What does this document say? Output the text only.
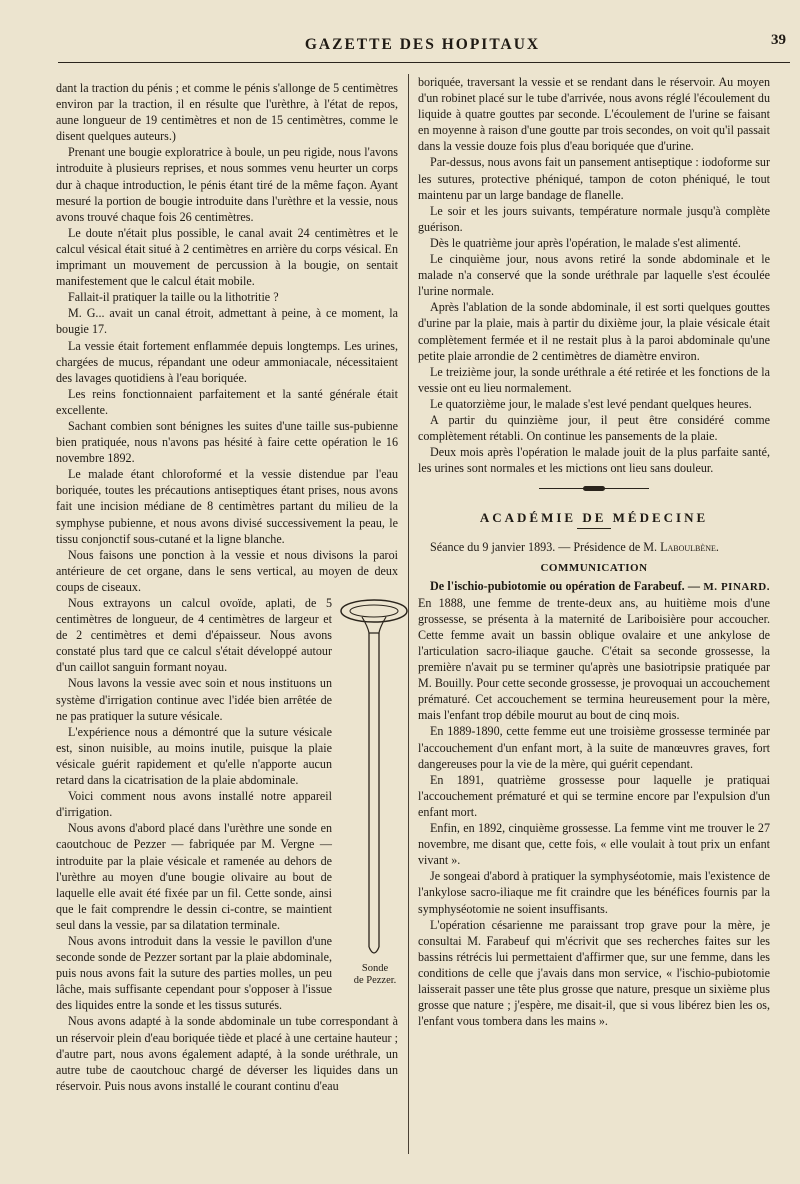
GAZETTE DES HOPITAUX	39

dant la traction du pénis ; et comme le pénis s'allonge de 5 centimètres environ par la traction, il en résulte que l'urèthre, à l'état de repos, aune longueur de 19 centimètres et non de 15 centimètres, comme le disent quelques auteurs.)

Prenant une bougie exploratrice à boule, un peu rigide, nous l'avons introduite à plusieurs reprises, et nous sommes venu heurter un corps dur à chaque introduction, le pénis étant tiré de la même façon. Ayant mesuré la portion de bougie introduite dans l'urèthre et la vessie, nous avons trouvé chaque fois 26 centimètres.

Le doute n'était plus possible, le canal avait 24 centimètres et le calcul vésical était situé à 2 centimètres en arrière du corps vésical. En imprimant un mouvement de percussion à la bougie, on sentait manifestement que le calcul était mobile.

Fallait-il pratiquer la taille ou la lithotritie ?

M. G... avait un canal étroit, admettant à peine, à ce moment, la bougie 17.

La vessie était fortement enflammée depuis longtemps. Les urines, chargées de mucus, répandant une odeur ammoniacale, nécessitaient des lavages quotidiens à l'eau boriquée.

Les reins fonctionnaient parfaitement et la santé générale était excellente.

Sachant combien sont bénignes les suites d'une taille sus-pubienne bien pratiquée, nous n'avons pas hésité à faire cette opération le 16 novembre 1892.

Le malade étant chloroformé et la vessie distendue par l'eau boriquée, toutes les précautions antiseptiques étant prises, nous avons fait une incision médiane de 8 centimètres partant du milieu de la symphyse pubienne, et nous avons divisé successivement la peau, le tissu conjonctif sous-cutané et la ligne blanche.

Nous faisons une ponction à la vessie et nous divisons la paroi antérieure de cet organe, dans le sens vertical, au moyen de deux coups de ciseaux.

Sonde
de Pezzer.

Nous extrayons un calcul ovoïde, aplati, de 5 centimètres de longueur, de 4 centimètres de largeur et de 2 centimètres et demi d'épaisseur. Nous avons constaté plus tard que ce calcul s'était développé autour d'un caillot sanguin formant noyau.

Nous lavons la vessie avec soin et nous instituons un système d'irrigation continue avec l'idée bien arrêtée de ne pas pratiquer la suture vésicale.

L'expérience nous a démontré que la suture vésicale est, sinon nuisible, au moins inutile, puisque la plaie vésicale guérit rapidement et qu'elle n'apporte aucun retard dans la cicatrisation de la plaie abdominale.

Voici comment nous avons installé notre appareil d'irrigation.

Nous avons d'abord placé dans l'urèthre une sonde en caoutchouc de Pezzer — fabriquée par M. Vergne — introduite par la plaie vésicale et ramenée au dehors de l'urèthre au moyen d'une bougie olivaire au bout de laquelle elle avait été fixée par un fil. Cette sonde, ainsi que le fait comprendre le dessin ci-contre, se maintient seul dans la vessie, par sa dilatation terminale.

Nous avons introduit dans la vessie le pavillon d'une seconde sonde de Pezzer sortant par la plaie abdominale, puis nous avons fait la suture des parties molles, un peu lâche, mais suffisante cependant pour s'opposer à l'issue des liquides entre la sonde et les tissus suturés.

Nous avons adapté à la sonde abdominale un tube correspondant à un réservoir plein d'eau boriquée tiède et placé à une certaine hauteur ; d'autre part, nous avons également adapté, à la sonde uréthrale, un autre tube de caoutchouc chargé de déverser les liquides dans un réservoir. Puis nous avons installé le courant continu d'eau

boriquée, traversant la vessie et se rendant dans le réservoir. Au moyen d'un robinet placé sur le tube d'arrivée, nous avons réglé l'écoulement du liquide à quatre gouttes par seconde. L'écoulement de l'urine se faisant en moyenne à raison d'une goutte par trois secondes, on voit qu'il passait dans la vessie douze fois plus d'eau boriquée que d'urine.

Par-dessus, nous avons fait un pansement antiseptique : iodoforme sur les sutures, protective phéniqué, tampon de coton phéniqué, le tout maintenu par un large bandage de flanelle.

Le soir et les jours suivants, température normale jusqu'à complète guérison.

Dès le quatrième jour après l'opération, le malade s'est alimenté.

Le cinquième jour, nous avons retiré la sonde abdominale et le malade n'a conservé que la sonde uréthrale par laquelle s'est écoulée l'urine normale.

Après l'ablation de la sonde abdominale, il est sorti quelques gouttes d'urine par la plaie, mais à partir du dixième jour, la plaie vésicale était complètement fermée et il ne restait plus à la paroi abdominale qu'une petite plaie arrondie de 2 centimètres de diamètre environ.

Le treizième jour, la sonde uréthrale a été retirée et les fonctions de la vessie ont eu lieu normalement.

Le quatorzième jour, le malade s'est levé pendant quelques heures.

A partir du quinzième jour, il peut être considéré comme complètement rétabli. On continue les pansements de la plaie.

Deux mois après l'opération le malade jouit de la plus parfaite santé, les urines sont normales et les mictions ont lieu sans douleur.

ACADÉMIE DE MÉDECINE

Séance du 9 janvier 1893. — Présidence de M. Laboulbène.

COMMUNICATION

De l'ischio-pubiotomie ou opération de Farabeuf. — M. PINARD. En 1888, une femme de trente-deux ans, au huitième mois d'une grossesse, se présenta à la maternité de Lariboisière pour accoucher. Cette femme avait un bassin oblique ovalaire et une ankylose de l'articulation sacro-iliaque gauche. C'était sa seconde grossesse, la première n'avait pu se terminer qu'après une basiotripsie pratiquée par M. Bouilly. Pour cette seconde grossesse, je provoquai un accouchement prématuré. Cet accouchement se termina heureusement pour la mère, mais l'enfant trop débile mourut au bout de cinq mois.

En 1889-1890, cette femme eut une troisième grossesse terminée par l'accouchement d'un enfant mort, à la suite de manœuvres graves, fort dangereuses pour la vie de la mère, qui guérit cependant.

En 1891, quatrième grossesse pour laquelle je pratiquai l'accouchement prématuré et qui se termine encore par l'expulsion d'un enfant mort.

Enfin, en 1892, cinquième grossesse. La femme vint me trouver le 27 novembre, me disant que, cette fois, « elle voulait à tout prix un enfant vivant ».

Je songeai d'abord à pratiquer la symphyséotomie, mais l'existence de l'ankylose sacro-iliaque me fit craindre que les bénéfices fournis par la symphyséotomie ne soient insuffisants.

L'opération césarienne me paraissant trop grave pour la mère, je consultai M. Farabeuf qui m'écrivit que ses recherches faites sur les bassins rétrécis lui permettaient d'affirmer que, sur une femme, dans les conditions de celle que j'avais dans mon service, « l'ischio-pubiotomie laisserait passer une tête plus grosse que nature, presque un sixième plus grosse que nature ; j'espère, me disait-il, que si vous libérez bien les os, l'enfant vous tombera dans les mains ».
